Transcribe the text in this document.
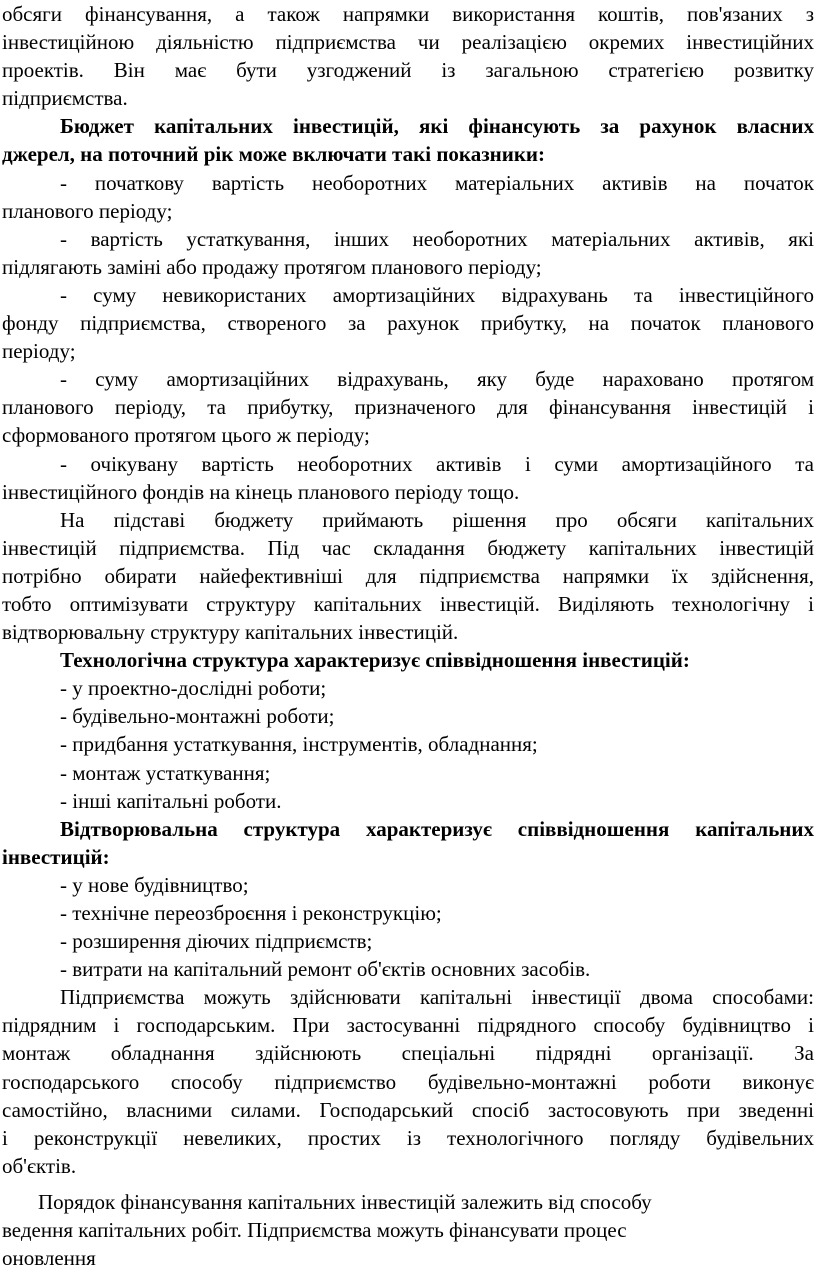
обсяги фінансування, а також напрямки використання коштів, пов'язаних з
інвестиційною діяльністю підприємства чи реалізацією окремих інвестиційних
проектів. Він має бути узгоджений із загальною стратегією розвитку
підприємства.
Бюджет капітальних інвестицій, які фінансують за рахунок власних
джерел, на поточний рік може включати такі показники:
- початкову вартість необоротних матеріальних активів на початок
планового періоду;
- вартість устаткування, інших необоротних матеріальних активів, які
підлягають заміні або продажу протягом планового періоду;
- суму невикористаних амортизаційних відрахувань та інвестиційного
фонду підприємства, створеного за рахунок прибутку, на початок планового
періоду;
- суму амортизаційних відрахувань, яку буде нараховано протягом
планового періоду, та прибутку, призначеного для фінансування інвестицій і
сформованого протягом цього ж періоду;
- очікувану вартість необоротних активів і суми амортизаційного та
інвестиційного фондів на кінець планового періоду тощо.
На підставі бюджету приймають рішення про обсяги капітальних
інвестицій підприємства. Під час складання бюджету капітальних інвестицій
потрібно обирати найефективніші для підприємства напрямки їх здійснення,
тобто оптимізувати структуру капітальних інвестицій. Виділяють технологічну і
відтворювальну структуру капітальних інвестицій.
Технологічна структура характеризує співвідношення інвестицій:
- у проектно-дослідні роботи;
- будівельно-монтажні роботи;
- придбання устаткування, інструментів, обладнання;
- монтаж устаткування;
- інші капітальні роботи.
Відтворювальна структура характеризує співвідношення капітальних
інвестицій:
- у нове будівництво;
- технічне переозброєння і реконструкцію;
- розширення діючих підприємств;
- витрати на капітальний ремонт об'єктів основних засобів.
Підприємства можуть здійснювати капітальні інвестиції двома способами:
підрядним і господарським. При застосуванні підрядного способу будівництво і
монтаж обладнання здійснюють спеціальні підрядні організації. За
господарського способу підприємство будівельно-монтажні роботи виконує
самостійно, власними силами. Господарський спосіб застосовують при зведенні
і реконструкції невеликих, простих із технологічного погляду будівельних
об'єктів.
Порядок фінансування капітальних інвестицій залежить від способу
ведення капітальних робіт. Підприємства можуть фінансувати процес
оновлення
